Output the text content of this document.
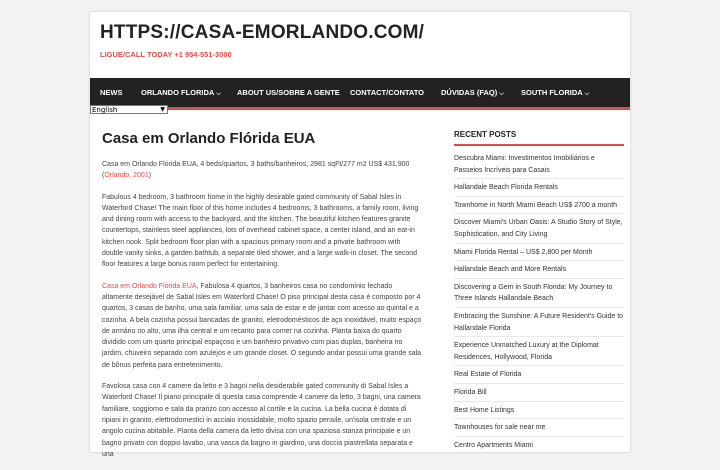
HTTPS://CASA-EMORLANDO.COM/
LIGUE/CALL TODAY +1 954-551-3000
NEWS ORLANDO FLORIDA ⌵ ABOUT US/SOBRE A GENTE CONTACT/CONTATO DÚVIDAS (FAQ) ⌵ SOUTH FLORIDA ⌵
English	▼
Casa em Orlando Flórida EUA

Casa em Orlando Flórida EUA, 4 beds/quartos, 3 baths/banheiros, 2981 sqFt/277 m2 US$ 431,900 (Orlando, 2001)

Fabulous 4 bedroom, 3 bathroom home in the highly desirable gated community of Sabal Isles in Waterford Chase! The main floor of this home includes 4 bedrooms, 3 bathrooms, a family room, living and dining room with access to the backyard, and the kitchen. The beautiful kitchen features granite countertops, stainless steel appliances, lots of overhead cabinet space, a center island, and an eat-in kitchen nook. Split bedroom floor plan with a spacious primary room and a private bathroom with double vanity sinks, a garden bathtub, a separate tiled shower, and a large walk-in closet. The second floor features a large bonus room perfect for entertaining.

Casa em Orlando Flórida EUA, Fabulosa 4 quartos, 3 banheiros casa no condomínio fechado altamente desejável de Sabal Isles em Waterford Chase! O piso principal desta casa é composto por 4 quartos, 3 casas de banho, uma sala familiar, uma sala de estar e de jantar com acesso ao quintal e a cozinha. A bela cozinha possui bancadas de granito, eletrodomésticos de aço inoxidável, muito espaço de armário no alto, uma ilha central e um recanto para comer na cozinha. Planta baixa do quarto dividido com um quarto principal espaçoso e um banheiro privativo com pias duplas, banheira no jardim, chuveiro separado com azulejos e um grande closet. O segundo andar possui uma grande sala de bônus perfeita para entretenimento.

Favolosa casa con 4 camere da letto e 3 bagni nella desiderabile gated community di Sabal Isles a Waterford Chase! Il piano principale di questa casa comprende 4 camere da letto, 3 bagni, una camera familiare, soggiorno e sala da pranzo con accesso al cortile e la cucina. La bella cucina è dotata di ripiani in granito, elettrodomestici in acciaio inossidabile, molto spazio pensile, un'isola centrale e un angolo cucina abitabile. Pianta della camera da letto divisa con una spaziosa stanza principale e un bagno privato con doppio lavabo, una vasca da bagno in giardino, una doccia piastrellata separata e una

RECENT POSTS
Descubra Miami: Investimentos Imobiliários e Passeios Incríveis para Casais
Hallandale Beach Florida Rentals
Townhome in North Miami Beach US$ 2700 a month
Discover Miami's Urban Oasis: A Studio Story of Style, Sophistication, and City Living
Miami Florida Rental – US$ 2,800 per Month
Hallandale Beach and More Rentals
Discovering a Gem in South Florida: My Journey to Three Islands Hallandale Beach
Embracing the Sunshine: A Future Resident's Guide to Hallandale Florida
Experience Unmatched Luxury at the Diplomat Residences, Hollywood, Florida
Real Estate of Florida
Florida Bill
Best Home Listings
Townhouses for sale near me
Centro Apartments Miami
